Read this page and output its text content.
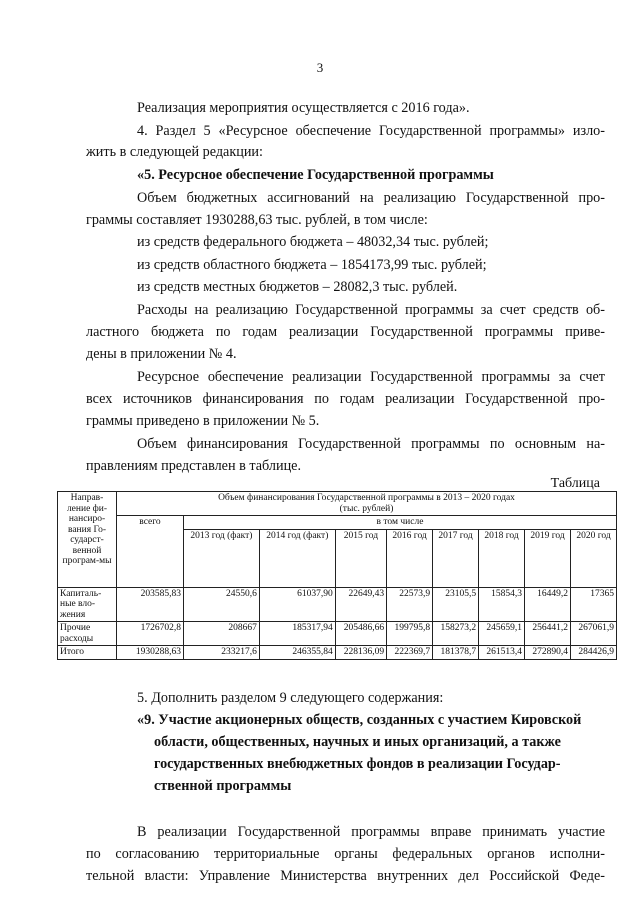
3
Реализация мероприятия осуществляется с 2016 года».
4. Раздел 5 «Ресурсное обеспечение Государственной программы» изло-
жить в следующей редакции:
«5. Ресурсное обеспечение Государственной программы
Объем бюджетных ассигнований на реализацию Государственной про-
граммы составляет 1930288,63 тыс. рублей, в том числе:
из средств федерального бюджета – 48032,34 тыс. рублей;
из средств областного бюджета – 1854173,99 тыс. рублей;
из средств местных бюджетов – 28082,3 тыс. рублей.
Расходы на реализацию Государственной программы за счет средств об-
ластного бюджета по годам реализации Государственной программы приве-
дены в приложении № 4.
Ресурсное обеспечение реализации Государственной программы за счет
всех источников финансирования по годам реализации Государственной про-
граммы приведено в приложении № 5.
Объем финансирования Государственной программы по основным на-
правлениям представлен в таблице.
Таблица
Направ-ление фи-нансиро-вания Го-сударст-венной програм-мы	Объем финансирования Государственной программы в 2013 – 2020 годах
(тыс. рублей)								
	всего	в том числе							
		2013 год (факт)	2014 год (факт)	2015 год	2016 год	2017 год	2018 год	2019 год	2020 год
Капиталь-ные вло-жения	203585,83	24550,6	61037,90	22649,43	22573,9	23105,5	15854,3	16449,2	17365
Прочие расходы	1726702,8	208667	185317,94	205486,66	199795,8	158273,2	245659,1	256441,2	267061,9
Итого	1930288,63	233217,6	246355,84	228136,09	222369,7	181378,7	261513,4	272890,4	284426,9
5. Дополнить разделом 9 следующего содержания:
«9. Участие акционерных обществ, созданных с участием Кировской
области, общественных, научных и иных организаций, а также
государственных внебюджетных фондов в реализации Государ-
ственной программы
В реализации Государственной программы вправе принимать участие
по согласованию территориальные органы федеральных органов исполни-
тельной власти: Управление Министерства внутренних дел Российской Феде-
